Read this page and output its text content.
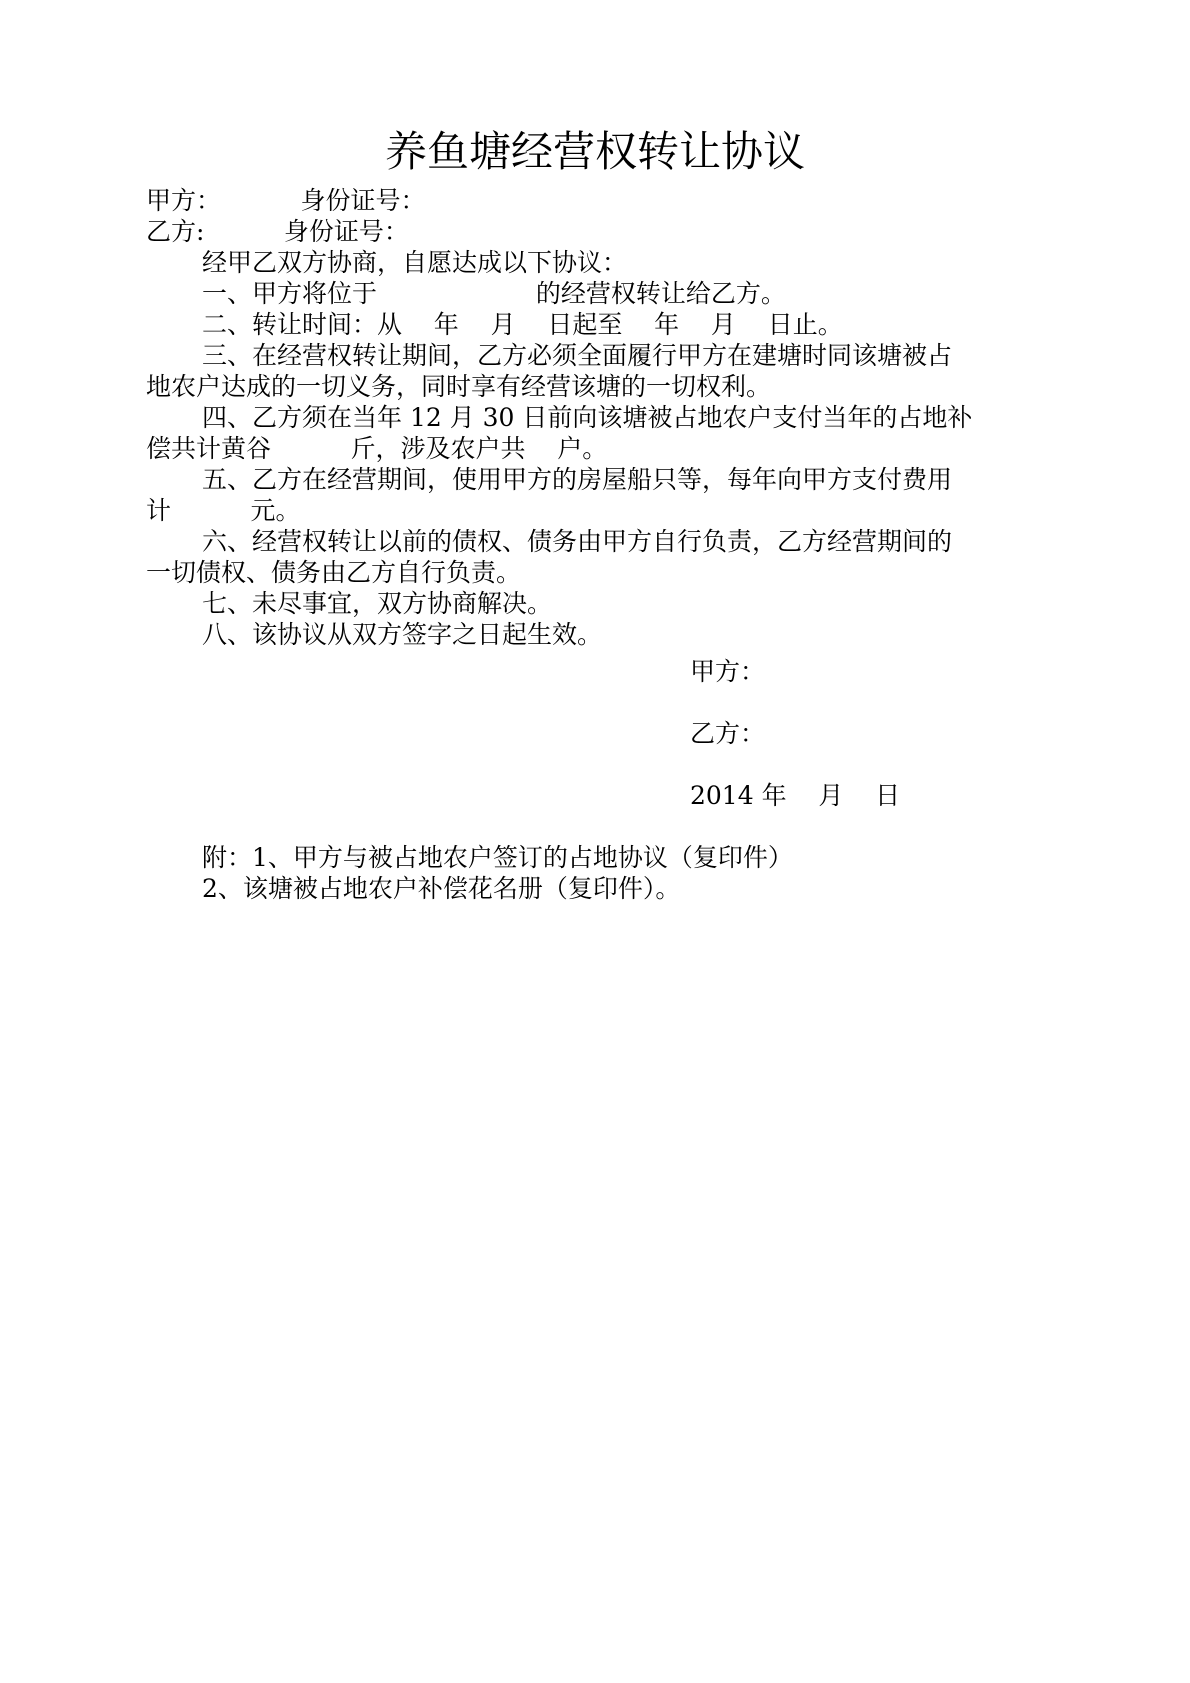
养鱼塘经营权转让协议
甲方：          身份证号：
乙方:          身份证号：
经甲乙双方协商，自愿达成以下协议：
一、甲方将位于                    的经营权转让给乙方。
二、转让时间：从    年    月    日起至    年    月    日止。
三、在经营权转让期间，乙方必须全面履行甲方在建塘时同该塘被占
地农户达成的一切义务，同时享有经营该塘的一切权利。
四、乙方须在当年 12 月 30 日前向该塘被占地农户支付当年的占地补
偿共计黄谷          斤，涉及农户共    户。
五、乙方在经营期间，使用甲方的房屋船只等，每年向甲方支付费用
计          元。
六、经营权转让以前的债权、债务由甲方自行负责，乙方经营期间的
一切债权、债务由乙方自行负责。
七、未尽事宜，双方协商解决。
八、该协议从双方签字之日起生效。
甲方：
乙方：
2014 年    月    日
附：1、甲方与被占地农户签订的占地协议（复印件）
2、该塘被占地农户补偿花名册（复印件）。
